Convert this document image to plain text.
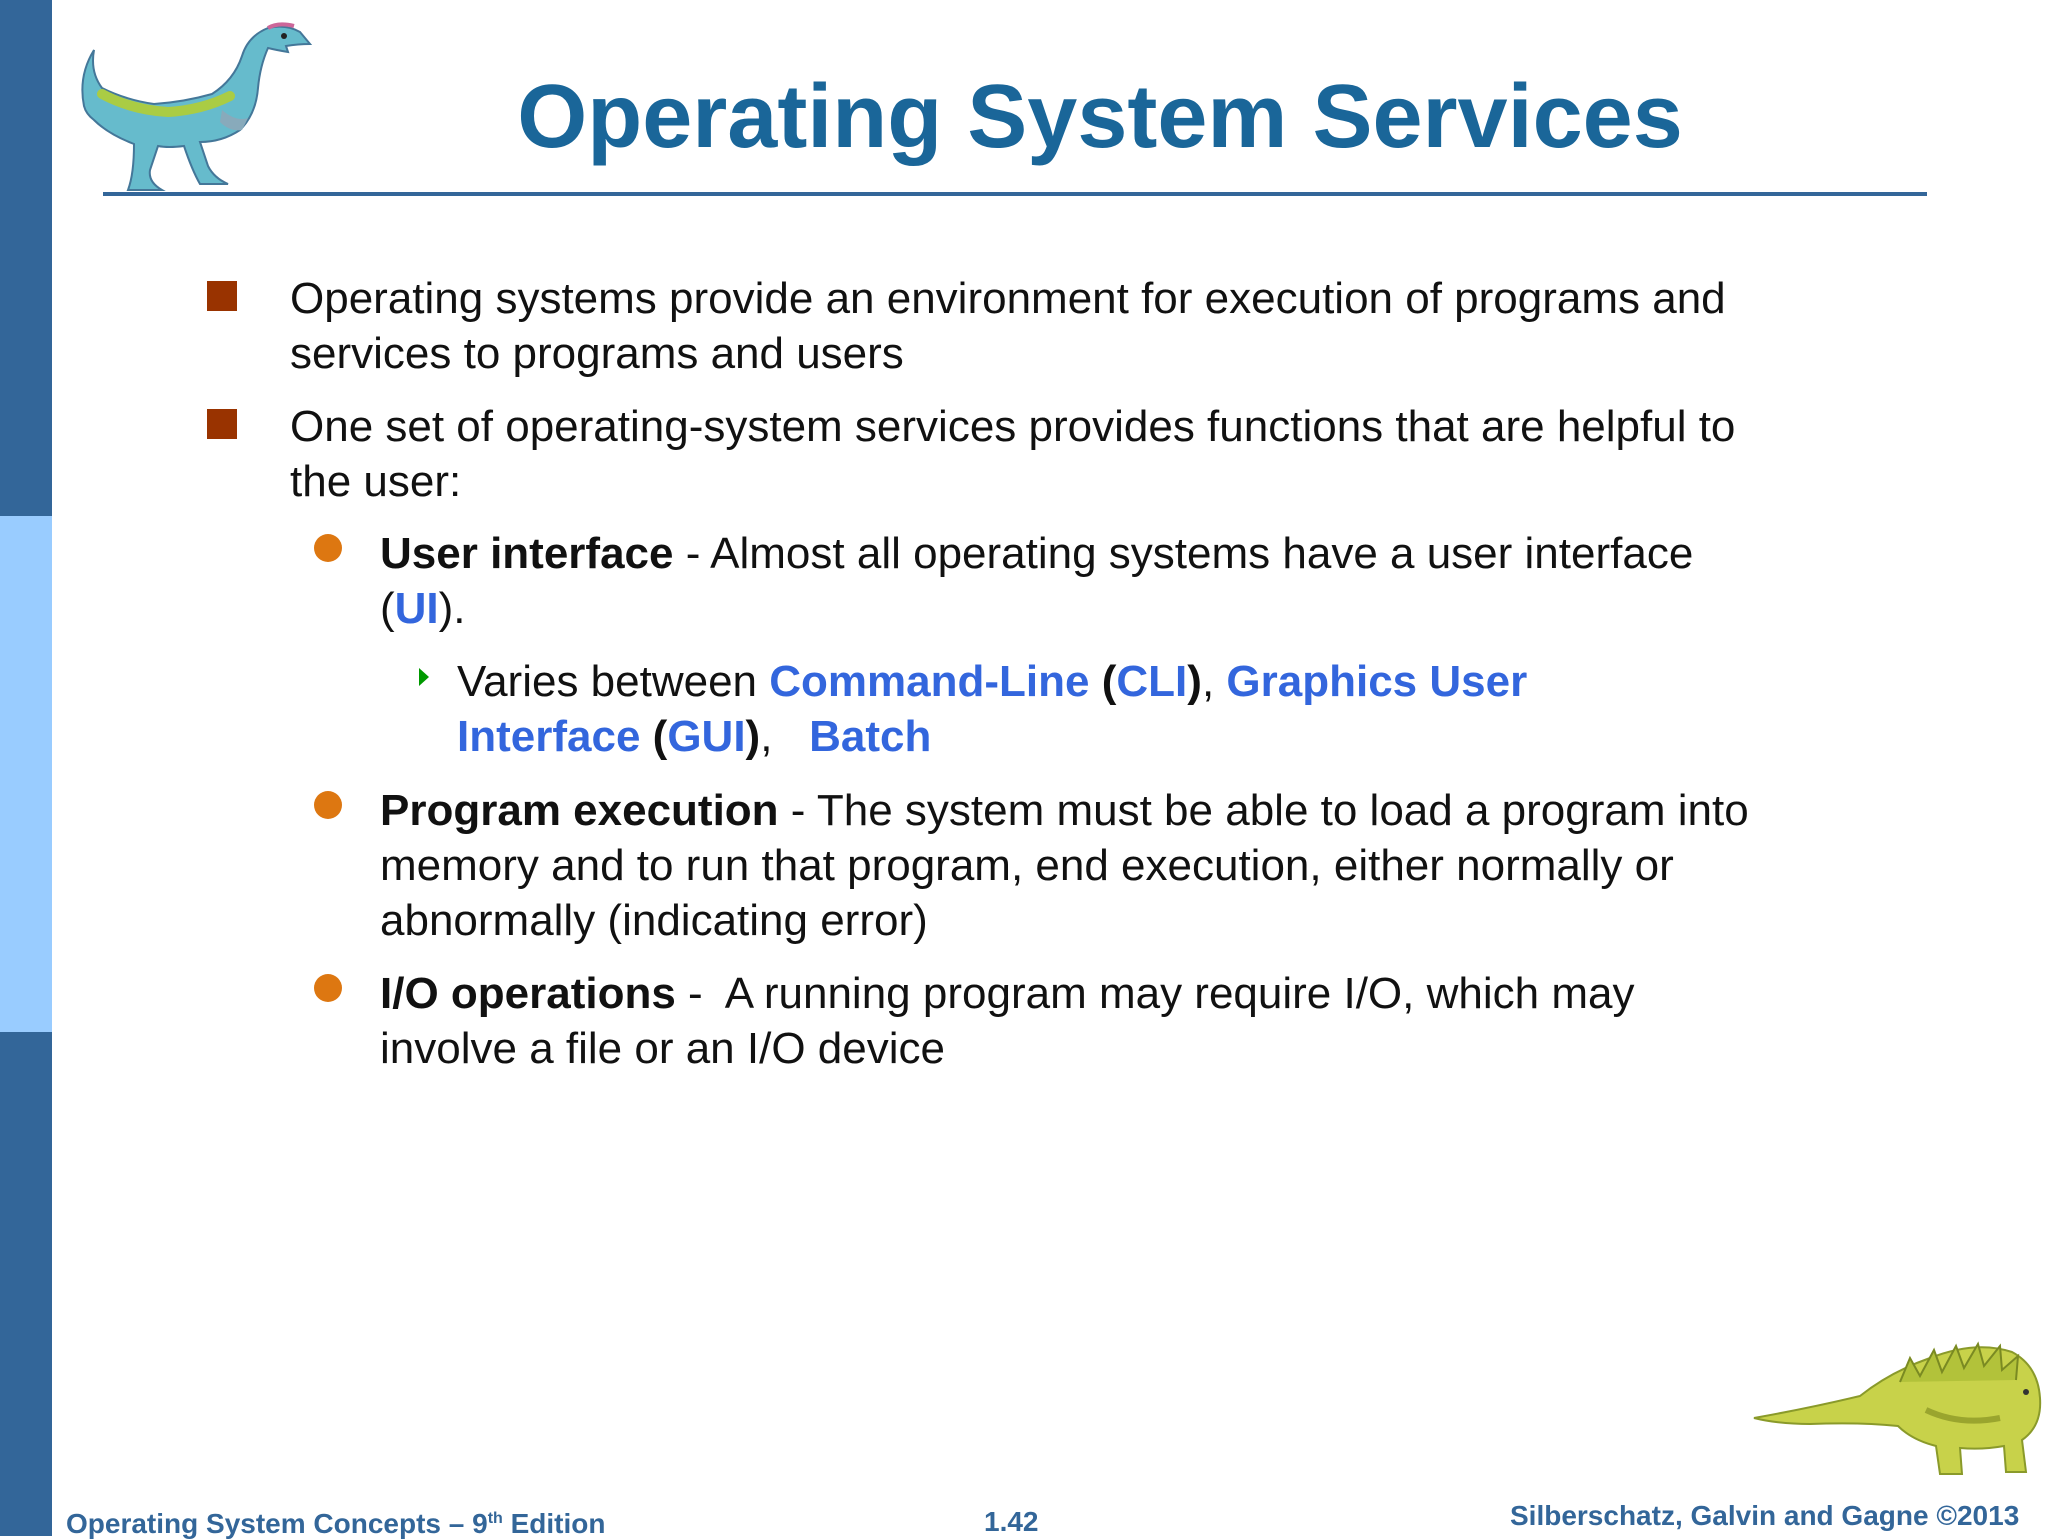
Operating System Services
Operating systems provide an environment for execution of programs and services to programs and users
One set of operating-system services provides functions that are helpful to the user:
User interface - Almost all operating systems have a user interface (UI).
Varies between Command-Line (CLI), Graphics User Interface (GUI),   Batch
Program execution - The system must be able to load a program into memory and to run that program, end execution, either normally or abnormally (indicating error)
I/O operations -  A running program may require I/O, which may involve a file or an I/O device
Operating System Concepts – 9th Edition	1.42	Silberschatz, Galvin and Gagne ©2013
